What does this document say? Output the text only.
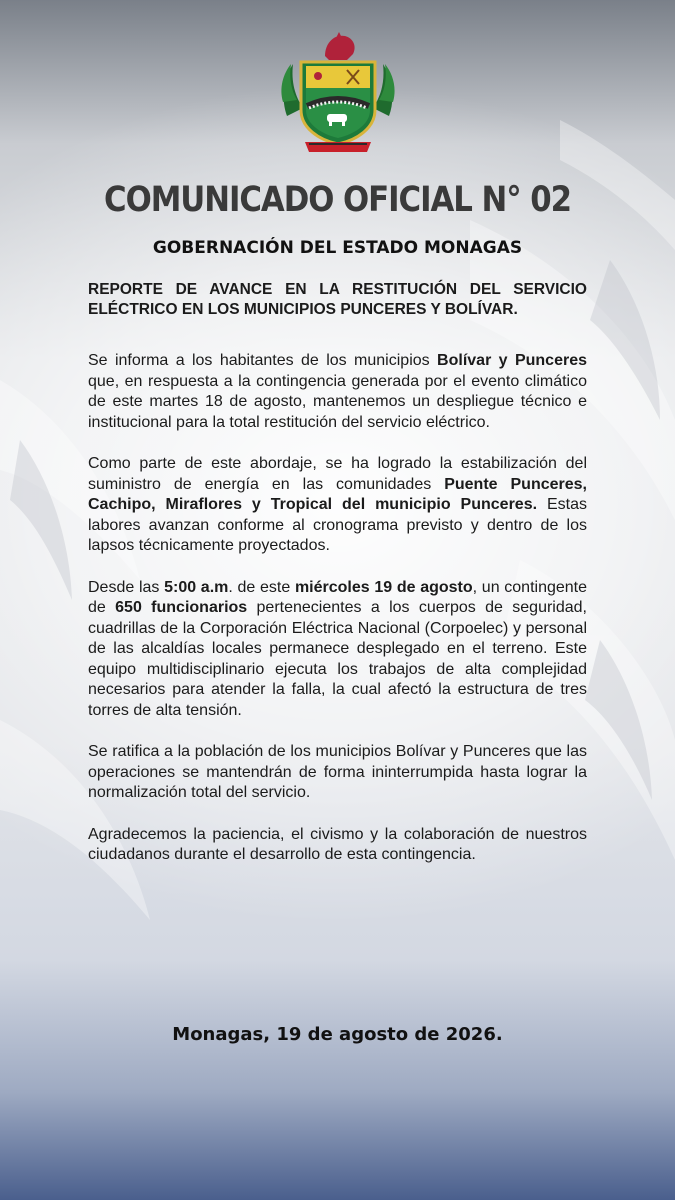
COMUNICADO OFICIAL N° 02
GOBERNACIÓN DEL ESTADO MONAGAS

REPORTE DE AVANCE EN LA RESTITUCIÓN DEL SERVICIO ELÉCTRICO EN LOS MUNICIPIOS PUNCERES Y BOLÍVAR.

Se informa a los habitantes de los municipios Bolívar y Punceres que, en respuesta a la contingencia generada por el evento climático de este martes 18 de agosto, mantenemos un despliegue técnico e institucional para la total restitución del servicio eléctrico.

Como parte de este abordaje, se ha logrado la estabilización del suministro de energía en las comunidades Puente Punceres, Cachipo, Miraflores y Tropical del municipio Punceres. Estas labores avanzan conforme al cronograma previsto y dentro de los lapsos técnicamente proyectados.

Desde las 5:00 a.m. de este miércoles 19 de agosto, un contingente de 650 funcionarios pertenecientes a los cuerpos de seguridad, cuadrillas de la Corporación Eléctrica Nacional (Corpoelec) y personal de las alcaldías locales permanece desplegado en el terreno. Este equipo multidisciplinario ejecuta los trabajos de alta complejidad necesarios para atender la falla, la cual afectó la estructura de tres torres de alta tensión.

Se ratifica a la población de los municipios Bolívar y Punceres que las operaciones se mantendrán de forma ininterrumpida hasta lograr la normalización total del servicio.

Agradecemos la paciencia, el civismo y la colaboración de nuestros ciudadanos durante el desarrollo de esta contingencia.

Monagas, 19 de agosto de 2026.
